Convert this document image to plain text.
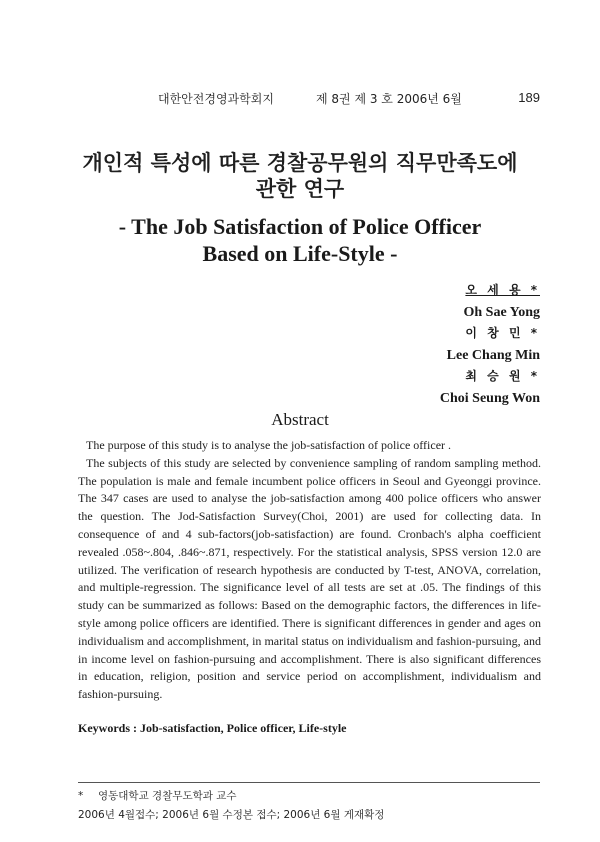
대한안전경영과학회지	제 8권 제 3 호 2006년 6월	189
개인적 특성에 따른 경찰공무원의 직무만족도에
관한 연구
- The Job Satisfaction of Police Officer
Based on Life-Style -
오 세 용 *
Oh Sae Yong
이 창 민 *
Lee Chang Min
최 승 원 *
Choi Seung Won
Abstract

The purpose of this study is to analyse the job-satisfaction of police officer .

The subjects of this study are selected by convenience sampling of random sampling method. The population is male and female incumbent police officers in Seoul and Gyeonggi province. The 347 cases are used to analyse the job-satisfaction among 400 police officers who answer the question. The Jod-Satisfaction Survey(Choi, 2001) are used for collecting data. In consequence of and 4 sub-factors(job-satisfaction) are found. Cronbach's alpha coefficient revealed .058~.804, .846~.871, respectively. For the statistical analysis, SPSS version 12.0 are utilized. The verification of research hypothesis are conducted by T-test, ANOVA, correlation, and multiple-regression. The significance level of all tests are set at .05. The findings of this study can be summarized as follows: Based on the demographic factors, the differences in life-style among police officers are identified. There is significant differences in gender and ages on individualism and accomplishment, in marital status on individualism and fashion-pursuing, and in income level on fashion-pursuing and accomplishment. There is also significant differences in education, religion, position and service period on accomplishment, individualism and fashion-pursuing.

Keywords : Job-satisfaction, Police officer, Life-style
* 영동대학교 경찰무도학과 교수
2006년 4월접수; 2006년 6월 수정본 접수; 2006년 6월 게재확정
